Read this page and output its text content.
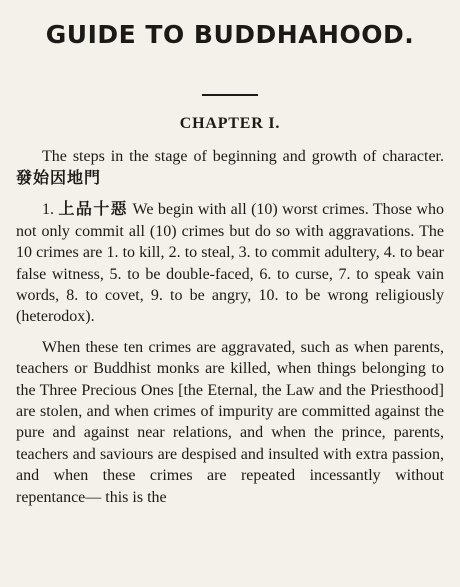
GUIDE TO BUDDHAHOOD.
CHAPTER I.

The steps in the stage of beginning and growth of character. 發始因地門

1. 上品十惡 We begin with all (10) worst crimes. Those who not only commit all (10) crimes but do so with aggravations. The 10 crimes are 1. to kill, 2. to steal, 3. to commit adultery, 4. to bear false witness, 5. to be double-faced, 6. to curse, 7. to speak vain words, 8. to covet, 9. to be angry, 10. to be wrong religiously (heterodox).

When these ten crimes are aggravated, such as when parents, teachers or Buddhist monks are killed, when things belonging to the Three Precious Ones [the Eternal, the Law and the Priesthood] are stolen, and when crimes of impurity are committed against the pure and against near relations, and when the prince, parents, teachers and saviours are despised and insulted with extra passion, and when these crimes are repeated incessantly without repentance— this is the
